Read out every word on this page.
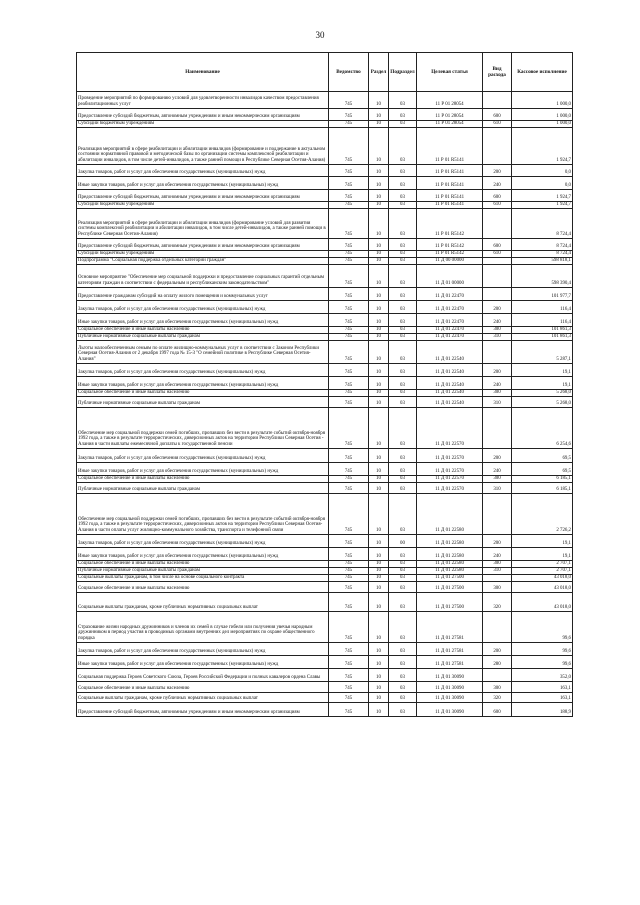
30
Наименование	Ведомство	Раздел	Подраздел	Целевая статья	Вид расхода	Кассовое исполнение
Проведение мероприятий по формированию условий для удовлетворенности инвалидов качеством предоставления реабилитационных услуг	745	10	03	11 Р 01 28054		1 000,0
Предоставление субсидий бюджетным, автономным учреждениям и иным некоммерческим организациям	745	10	03	11 Р 01 28054	600	1 000,0
Субсидии бюджетным учреждениям	745	10	03	11 Р 01 28054	610	1 000,0
Реализация мероприятий в сфере реабилитации и абилитации инвалидов (формирование и поддержание в актуальном состоянии нормативной правовой и методической базы по организации системы комплексной реабилитации и абилитации инвалидов, в том числе детей-инвалидов, а также ранней помощи в Республике Северная Осетия-Алания)	745	10	03	11 Р 01 R5141		1 924,7
Закупка товаров, работ и услуг для обеспечения государственных (муниципальных) нужд	745	10	03	11 Р 01 R5141	200	0,0
Иные закупки товаров, работ и услуг для обеспечения государственных (муниципальных) нужд	745	10	03	11 Р 01 R5141	240	0,0
Предоставление субсидий бюджетным, автономным учреждениям и иным некоммерческим организациям	745	10	03	11 Р 01 R5141	600	1 924,7
Субсидии бюджетным учреждениям	745	10	03	11 Р 01 R5141	610	1 924,7
Реализация мероприятий в сфере реабилитации и абилитации инвалидов (формирование условий для развития системы комплексной реабилитации и абилитации инвалидов, в том числе детей-инвалидов, а также ранней помощи в Республике Северная Осетия-Алания)	745	10	03	11 Р 01 R5142		8 724,4
Предоставление субсидий бюджетным, автономным учреждениям и иным некоммерческим организациям	745	10	03	11 Р 01 R5142	600	8 724,4
Субсидии бюджетным учреждениям	745	10	03	11 Р 01 R5142	610	8 724,4
Подпрограмма "Социальная поддержка отдельных категорий граждан"	745	10	03	11 Д 00 00000		598 818,1
Основное мероприятие "Обеспечение мер социальной поддержки и предоставление социальных гарантий отдельным категориям граждан в соответствии с федеральным и республиканским законодательством"	745	10	03	11 Д 01 00000		598 390,4
Предоставление гражданам субсидий на оплату жилого помещения и коммунальных услуг	745	10	03	11 Д 01 22470		101 977,7
Закупка товаров, работ и услуг для обеспечения государственных (муниципальных) нужд	745	10	03	11 Д 01 22470	200	116,4
Иные закупки товаров, работ и услуг для обеспечения государственных (муниципальных) нужд	745	10	03	11 Д 01 22470	240	116,4
Социальное обеспечение и иные выплаты населению	745	10	03	11 Д 01 22470	300	101 861,3
Публичные нормативные социальные выплаты гражданам	745	10	03	11 Д 01 22470	310	101 861,3
Льготы малообеспеченным семьям по оплате жилищно-коммунальных услуг в соответствии с Законом Республики Северная Осетия-Алания от 2 декабря 1997 года № 15-З "О семейной политике в Республике Северная Осетия-Алания"	745	10	03	11 Д 01 22540		5 287,1
Закупка товаров, работ и услуг для обеспечения государственных (муниципальных) нужд	745	10	03	11 Д 01 22540	200	19,1
Иные закупки товаров, работ и услуг для обеспечения государственных (муниципальных) нужд	745	10	03	11 Д 01 22540	240	19,1
Социальное обеспечение и иные выплаты населению	745	10	03	11 Д 01 22540	300	5 268,0
Публичные нормативные социальные выплаты гражданам	745	10	03	11 Д 01 22540	310	5 268,0
Обеспечение мер социальной поддержки семей погибших, пропавших без вести в результате событий октября-ноября 1992 года, а также в результате террористических, диверсионных актов на территории Республики Северная Осетия - Алания в части выплаты ежемесячной доплаты к государственной пенсии	745	10	03	11 Д 01 22570		6 254,6
Закупка товаров, работ и услуг для обеспечения государственных (муниципальных) нужд	745	10	03	11 Д 01 22570	200	69,5
Иные закупки товаров, работ и услуг для обеспечения государственных (муниципальных) нужд	745	10	03	11 Д 01 22570	240	69,5
Социальное обеспечение и иные выплаты населению	745	10	03	11 Д 01 22570	300	6 185,1
Публичные нормативные социальные выплаты гражданам	745	10	03	11 Д 01 22570	310	6 185,1
Обеспечение мер социальной поддержки семей погибших, пропавших без вести в результате событий октября-ноября 1992 года, а также в результате террористических, диверсионных актов на территории Республики Северная Осетия-Алания в части оплаты услуг жилищно-коммунального хозяйства, транспорта и телефонной связи	745	10	03	11 Д 01 22580		2 726,2
Закупка товаров, работ и услуг для обеспечения государственных (муниципальных) нужд	745	10	00	11 Д 01 22580	200	19,1
Иные закупки товаров, работ и услуг для обеспечения государственных (муниципальных) нужд	745	10	03	11 Д 01 22580	240	19,1
Социальное обеспечение и иные выплаты населению	745	10	03	11 Д 01 22580	300	2 707,1
Публичные нормативные социальные выплаты гражданам	745	10	03	11 Д 01 22580	310	2 707,1
Социальные выплаты гражданам, в том числе на основе социального контракта	745	10	03	11 Д 01 27500		43 018,0
Социальное обеспечение и иные выплаты населению	745	10	03	11 Д 01 27500	300	43 018,0
Социальные выплаты гражданам, кроме публичных нормативных социальных выплат	745	10	03	11 Д 01 27500	320	43 018,0
Страхование жизни народных дружинников и членов их семей в случае гибели или получения увечья народным дружинником в период участия в проводимых органами внутренних дел мероприятиях по охране общественного порядка	745	10	03	11 Д 01 27581		99,6
Закупка товаров, работ и услуг для обеспечения государственных (муниципальных) нужд	745	10	03	11 Д 01 27581	200	99,6
Иные закупки товаров, работ и услуг для обеспечения государственных (муниципальных) нужд	745	10	03	11 Д 01 27581	280	99,6
Социальная поддержка Героев Советского Союза, Героев Российской Федерации и полных кавалеров ордена Славы	745	10	03	11 Д 01 30090		352,0
Социальное обеспечение и иные выплаты населению	745	10	03	11 Д 01 30090	300	163,1
Социальные выплаты гражданам, кроме публичных нормативных социальных выплат	745	10	03	11 Д 01 30090	320	163,1
Предоставление субсидий бюджетным, автономным учреждениям и иным некоммерческим организациям	745	10	03	11 Д 01 30090	600	188,9
